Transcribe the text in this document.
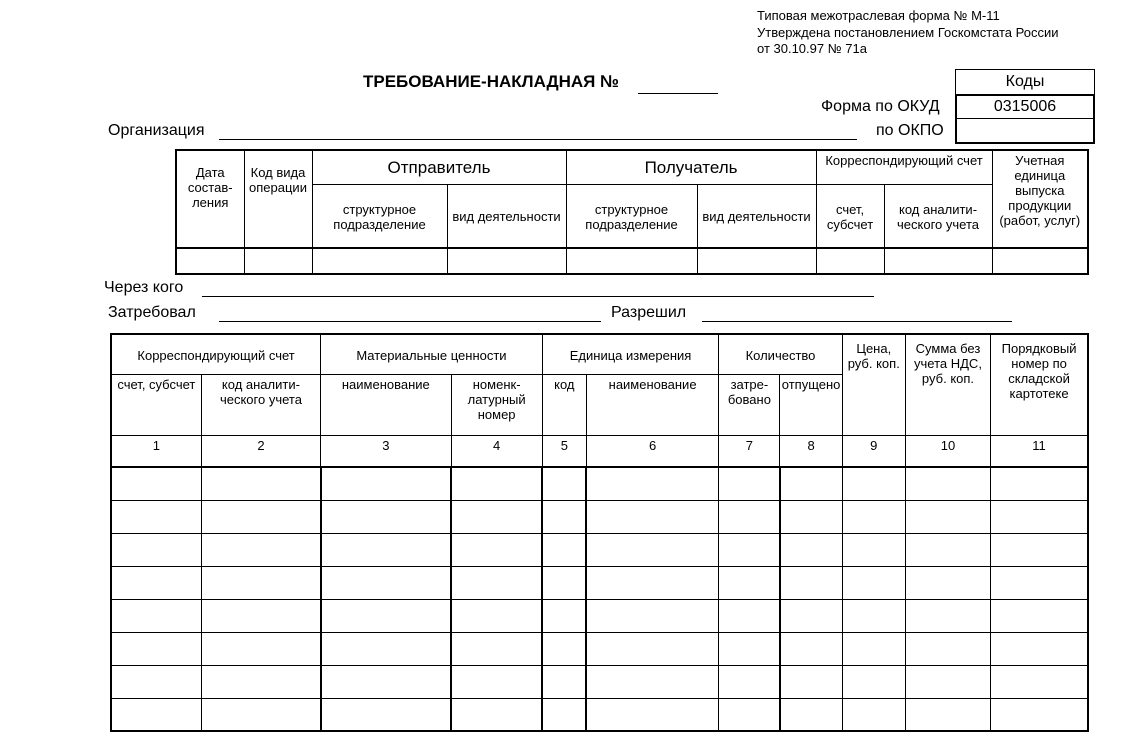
Типовая межотраслевая форма № М-11
Утверждена постановлением Госкомстата России
от 30.10.97 № 71а
ТРЕБОВАНИЕ-НАКЛАДНАЯ №	Коды
0315006
Форма по ОКУД
по ОКПО
Организация
Дата составления	Код вида операции	Отправитель		Получатель		Корреспондирующий счет		Учетная единица выпуска продукции (работ, услуг)
		структурное подразделение	вид деятельности	структурное подразделение	вид деятельности	счет, субсчет	код аналитического учета	

Через кого
Затребовал	Разрешил
Корреспондирующий счет		Материальные ценности		Единица измерения		Количество		Цена, руб. коп.	Сумма без учета НДС, руб. коп.	Порядковый номер по складской картотеке
счет, субсчет	код аналитического учета	наименование	номенклатурный номер	код	наименование	затребовано	отпущено			
1	2	3	4	5	6	7	8	9	10	11
